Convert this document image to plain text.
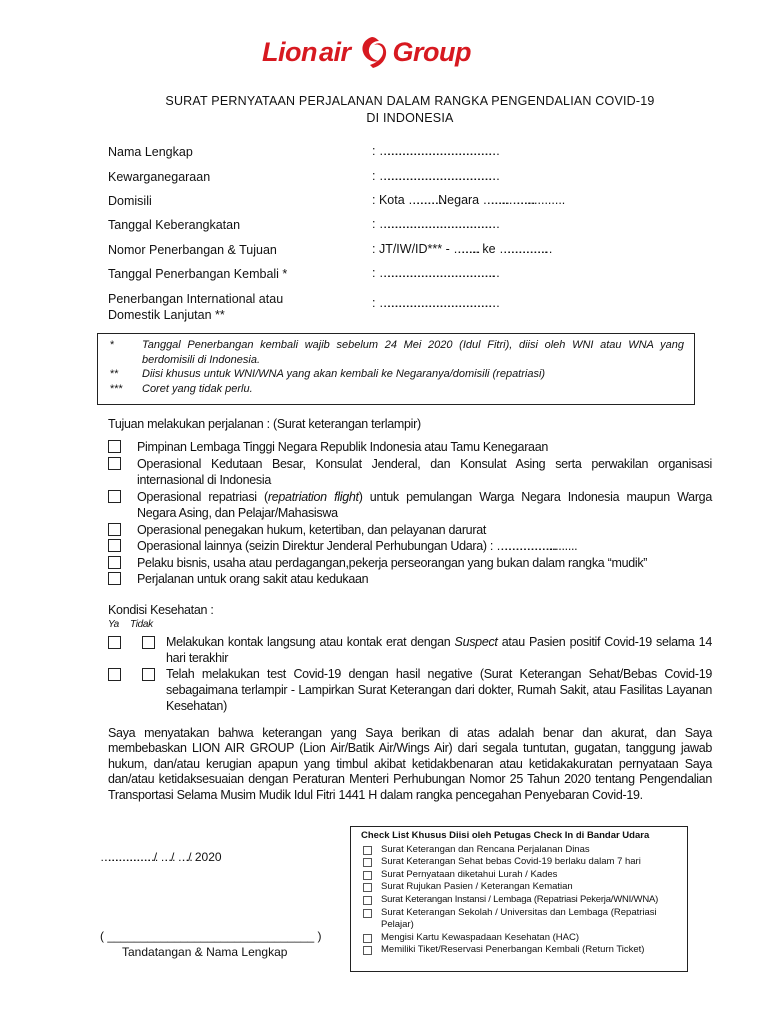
Lion air Group
SURAT PERNYATAAN PERJALANAN DALAM RANGKA PENGENDALIAN COVID-19
DI INDONESIA
Nama Lengkap	: ………………………………………………………………………………
Kewarganegaraan	: ………………………………………………………………………………
Domisili	: Kota ……………………Negara ……………..……………...........
Tanggal Keberangkatan	: ………………………………………………………………………………
Nomor Penerbangan & Tujuan	: JT/IW/ID*** - …………….. ke ……………………………….
Tanggal Penerbangan Kembali *	: ……………………………………………………………………………….
Penerbangan International atau Domestik Lanjutan **
: ………………………………………………………………………………
*	Tanggal Penerbangan kembali wajib sebelum 24 Mei 2020 (Idul Fitri), diisi oleh WNI atau WNA yang berdomisili di Indonesia.
**	Diisi khusus untuk WNI/WNA yang akan kembali ke Negaranya/domisili (repatriasi)
***	Coret yang tidak perlu.
Tujuan melakukan perjalanan : (Surat keterangan terlampir)
Pimpinan Lembaga Tinggi Negara Republik Indonesia atau Tamu Kenegaraan
Operasional Kedutaan Besar, Konsulat Jenderal, dan Konsulat Asing serta perwakilan organisasi internasional di Indonesia
Operasional repatriasi (repatriation flight) untuk pemulangan Warga Negara Indonesia maupun Warga Negara Asing, dan Pelajar/Mahasiswa
Operasional penegakan hukum, ketertiban, dan pelayanan darurat
Operasional lainnya (seizin Direktur Jenderal Perhubungan Udara) : …………………………………….........
Pelaku bisnis, usaha atau perdagangan,pekerja perseorangan yang bukan dalam rangka “mudik”
Perjalanan untuk orang sakit atau kedukaan
Kondisi Kesehatan :
Ya Tidak
Melakukan kontak langsung atau kontak erat dengan Suspect atau Pasien positif Covid-19 selama 14 hari terakhir
Telah melakukan test Covid-19 dengan hasil negative (Surat Keterangan Sehat/Bebas Covid-19 sebagaimana terlampir - Lampirkan Surat Keterangan dari dokter, Rumah Sakit, atau Fasilitas Layanan Kesehatan)
Saya menyatakan bahwa keterangan yang Saya berikan di atas adalah benar dan akurat, dan Saya membebaskan LION AIR GROUP (Lion Air/Batik Air/Wings Air) dari segala tuntutan, gugatan, tanggung jawab hukum, dan/atau kerugian apapun yang timbul akibat ketidakbenaran atau ketidakakuratan pernyataan Saya dan/atau ketidaksesuaian dengan Peraturan Menteri Perhubungan Nomor 25 Tahun 2020 tentang Pengendalian Transportasi Selama Musim Mudik Idul Fitri 1441 H dalam rangka pencegahan Penyebaran Covid-19.
…………………………………… / …… / …… / 2020
( _______________________________ )
Tandatangan & Nama Lengkap
Check List Khusus Diisi oleh Petugas Check In di Bandar Udara
Surat Keterangan dan Rencana Perjalanan Dinas
Surat Keterangan Sehat bebas Covid-19 berlaku dalam 7 hari
Surat Pernyataan diketahui Lurah / Kades
Surat Rujukan Pasien / Keterangan Kematian
Surat Keterangan Instansi / Lembaga (Repatriasi Pekerja/WNI/WNA)
Surat Keterangan Sekolah / Universitas dan Lembaga (Repatriasi Pelajar)
Mengisi Kartu Kewaspadaan Kesehatan (HAC)
Memiliki Tiket/Reservasi Penerbangan Kembali (Return Ticket)
